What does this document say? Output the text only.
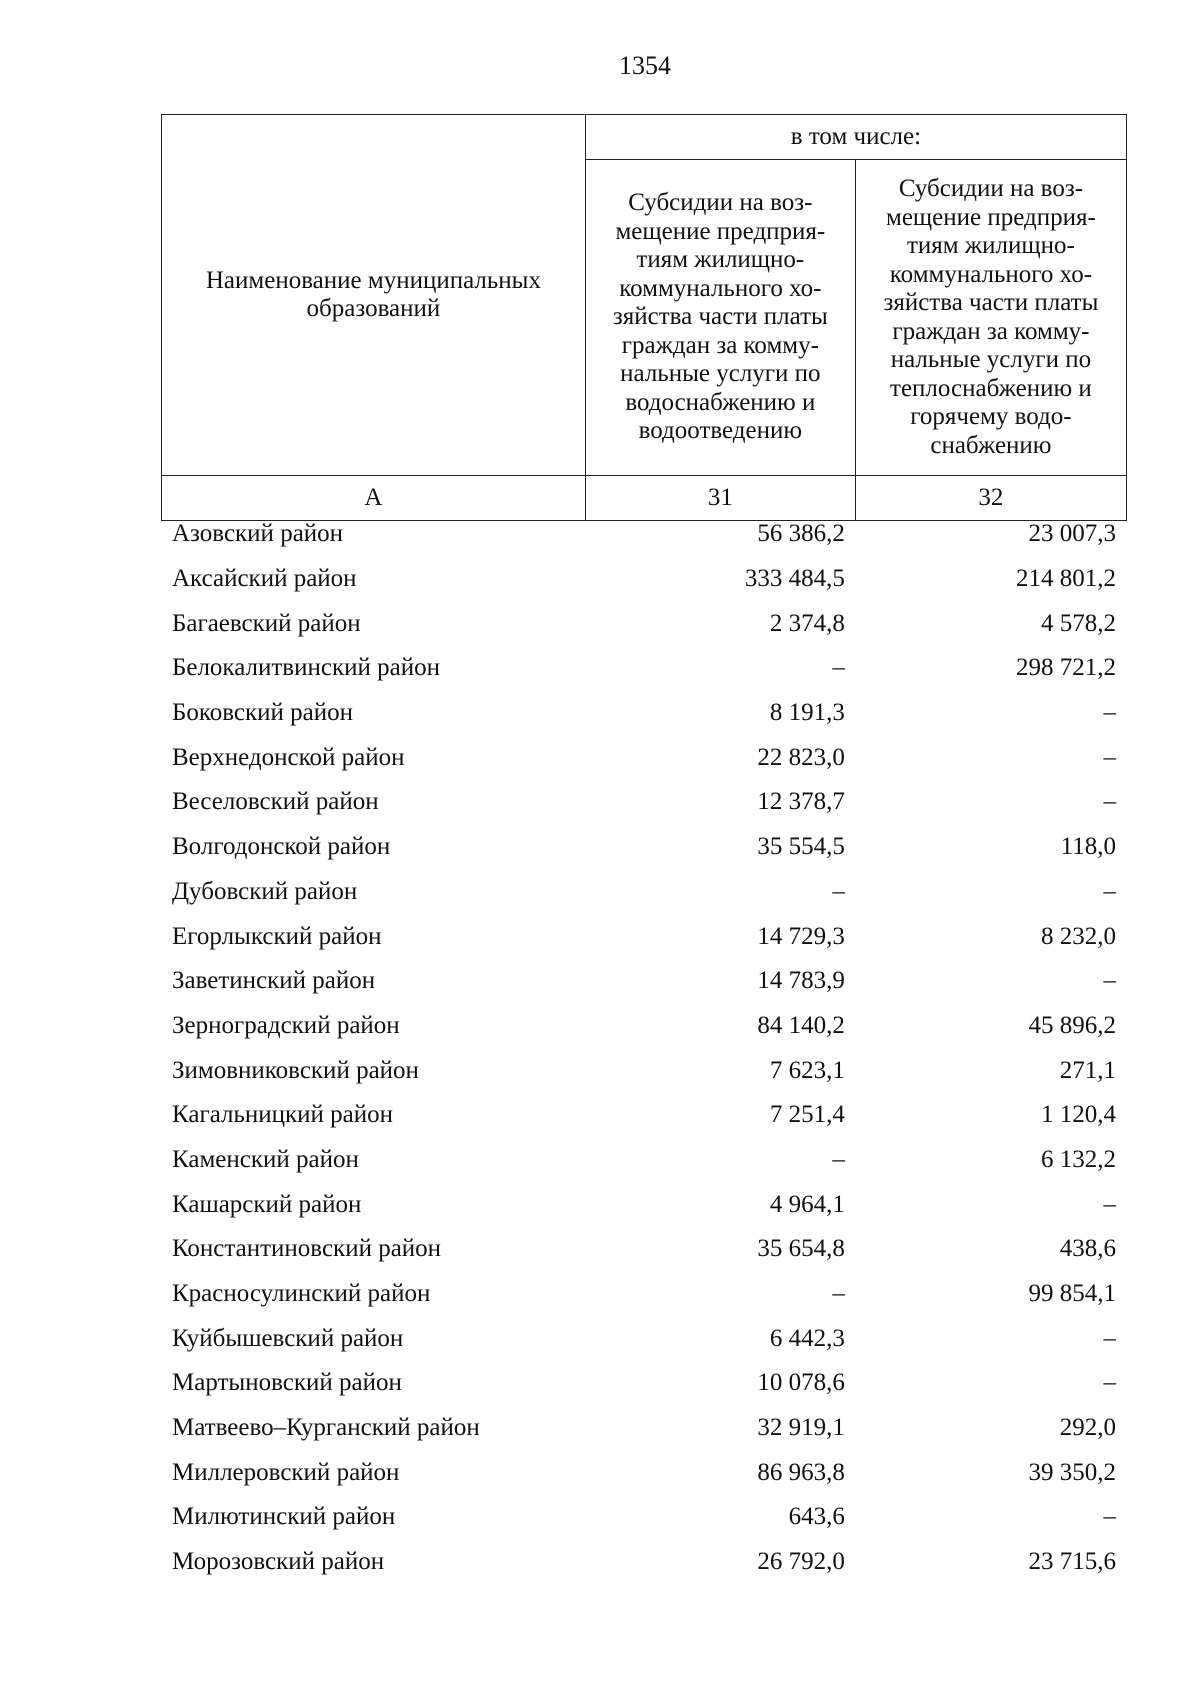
1354
Наименование муниципальных образований	в том числе:	

	Субсидии на воз-мещение предприя-тиям жилищно-коммунального хо-зяйства части платы граждан за комму-нальные услуги по водоснабжению и водоотведению	Субсидии на воз-мещение предприя-тиям жилищно-коммунального хо-зяйства части платы граждан за комму-нальные услуги по теплоснабжению и горячему водо-снабжению

А	31	32
Азовский район	56 386,2	23 007,3
Аксайский район	333 484,5	214 801,2
Багаевский район	2 374,8	4 578,2
Белокалитвинский район	–	298 721,2
Боковский район	8 191,3	–
Верхнедонской район	22 823,0	–
Веселовский район	12 378,7	–
Волгодонской район	35 554,5	118,0
Дубовский район	–	–
Егорлыкский район	14 729,3	8 232,0
Заветинский район	14 783,9	–
Зерноградский район	84 140,2	45 896,2
Зимовниковский район	7 623,1	271,1
Кагальницкий район	7 251,4	1 120,4
Каменский район	–	6 132,2
Кашарский район	4 964,1	–
Константиновский район	35 654,8	438,6
Красносулинский район	–	99 854,1
Куйбышевский район	6 442,3	–
Мартыновский район	10 078,6	–
Матвеево–Курганский район	32 919,1	292,0
Миллеровский район	86 963,8	39 350,2
Милютинский район	643,6	–
Морозовский район	26 792,0	23 715,6
